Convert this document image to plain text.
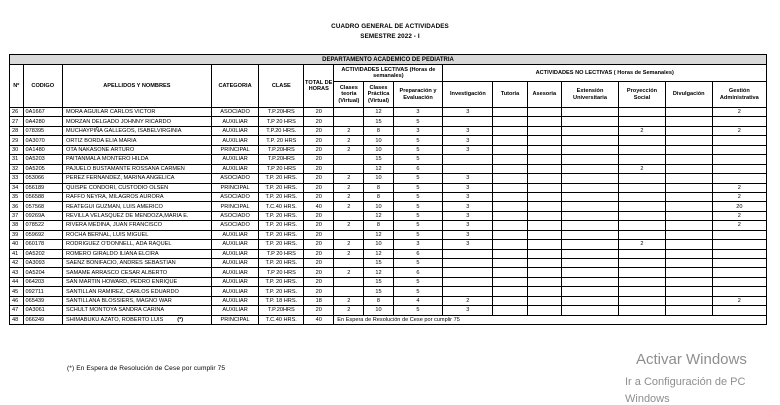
CUADRO GENERAL DE ACTIVIDADES
SEMESTRE 2022 - I
DEPARTAMENTO ACADEMICO DE PEDIATRIA															
Nº	CODIGO	APELLIDOS Y NOMBRES	CATEGORIA	CLASE	TOTAL DE HORAS	ACTIVIDADES LECTIVAS (Horas de semanales)			ACTIVIDADES NO LECTIVAS ( Horas de Semanales)						
						Clases teoria (Virtual)	Clases Práctica (Virtual)	Preparación y Evaluación	Investigación	Tutoria	Asesoria	Extensión Universitaria	Proyección Social	Divulgación	Gestión Administrativa
26	0A1667	MORA AGUILAR CARLOS VICTOR	ASOCIADO	T.P.20HRS	20		12	3	3						2
27	0A4280	MORZAN DELGADO JOHNNY RICARDO	AUXILIAR	T.P 20 HRS	20		15	5							
28	078395	MUCHAYPIÑA GALLEGOS, ISABELVIRGINIA	AUXILIAR	T.P.20 HRS.	20	2	8	3	3				2		2
29	0A3070	ORTIZ BORDA ELIA MARIA	AUXILIAR	T.P. 20 HRS	20	2	10	5	3						
30	0A1480	OTA NAKASONE ARTURO	PRINCIPAL	T.P.20HRS	20	2	10	5	3						
31	0A5203	PAITANMALA MONTERO HILDA	AUXILIAR	T.P.20HRS	20		15	5							
32	0A5205	PAJUELO BUSTAMANTE ROSSANA CARMEN	AUXILIAR	T.P 20 HRS	20		12	6					2		
33	053066	PEREZ FERNANDEZ, MARINA ANGELICA	ASOCIADO	T.P. 20 HRS.	20	2	10	5	3						
34	056189	QUISPE CONDORI, CUSTODIO OLSEN	PRINCIPAL	T.P. 20 HRS.	20	2	8	5	3						2
35	056588	RAFFO NEYRA, MILAGROS AURORA	ASOCIADO	T.P. 20 HRS.	20	2	8	5	3						2
36	057568	REATEGUI GUZMAN, LUIS AMERICO	PRINCIPAL	T.C.40 HRS.	40	2	10	5	3						20
37	09269A	REVILLA VELASQUEZ DE MENDOZA,MARIA E.	ASOCIADO	T.P. 20 HRS.	20		12	5	3						2
38	078522	RIVERA MEDINA, JUAN FRANCISCO	ASOCIADO	T.P. 20 HRS.	20	2	8	5	3						2
39	059692	ROCHA BERNAL, LUIS MIGUEL	AUXILIAR	T.P. 20 HRS.	20		12	5	3						
40	060178	RODRIGUEZ O'DONNELL, ADA RAQUEL	AUXILIAR	T.P. 20 HRS.	20	2	10	3	3				2		
41	0A5202	ROMERO GIRALDO ILIANA ELCIRA	AUXILIAR	T.P 20 HRS	20	2	12	6							
42	0A3093	SAENZ BONIFACIO, ANDRES SEBASTIAN	AUXILIAR	T.P. 20 HRS.	20		15	5							
43	0A5204	SAMAME ARRASCO CESAR ALBERTO	AUXILIAR	T.P 20 HRS	20	2	12	6							
44	064203	SAN MARTIN HOWARD, PEDRO ENRIQUE	AUXILIAR	T.P. 20 HRS.	20		15	5							
45	092711	SANTILLAN RAMIREZ, CARLOS EDUARDO	AUXILIAR	T.P. 20 HRS.	20		15	5							
46	065439	SANTILLANA BLOSSIERS, MAGNO WAR	AUXILIAR	T.P. 18 HRS.	18	2	8	4	2						2
47	0A3061	SCHULT MONTOYA SANDRA CARINA	AUXILIAR	T.P.20HRS	20	2	10	5	3						
48	066249	SHIMABUKU AZATO, ROBERTO LUIS (*)	PRINCIPAL	T.C.40 HRS.	40	En Espera de Resolución de Cese por cumplir 75									
(*) En Espera de Resolución de Cese por cumplir 75
Activar Windows
Ir a Configuración de PC
Windows
